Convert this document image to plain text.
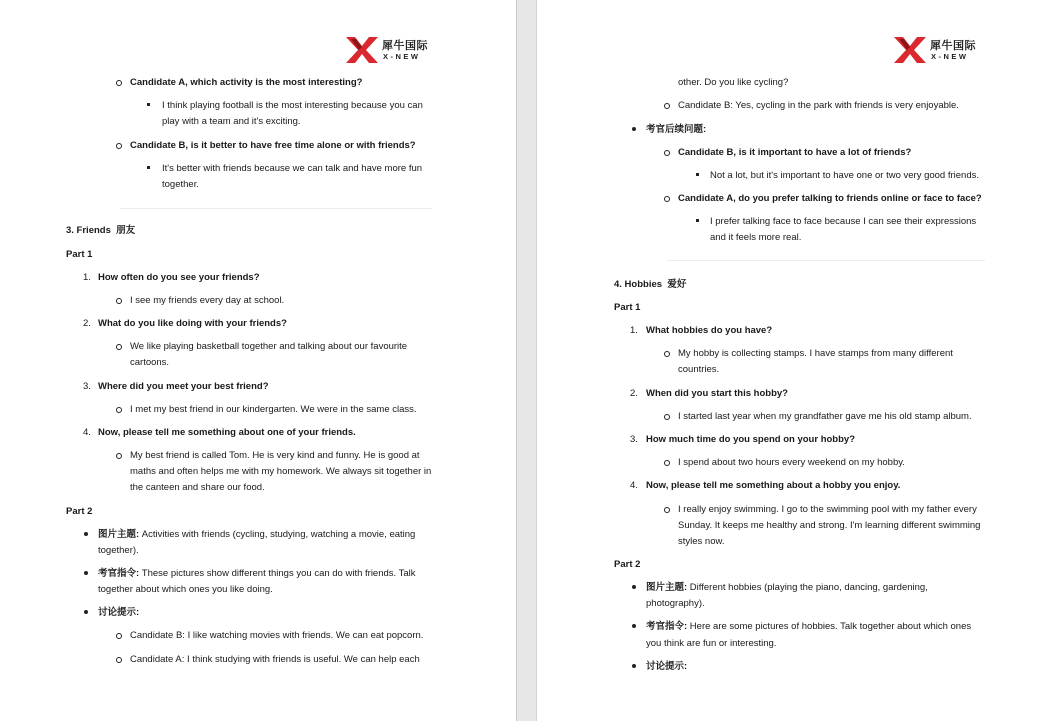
犀牛国际
X-NEW
Candidate A, which activity is the most interesting?
I think playing football is the most interesting because you can
play with a team and it's exciting.
Candidate B, is it better to have free time alone or with friends?
It's better with friends because we can talk and have more fun
together.
3. Friends 朋友
Part 1
1. How often do you see your friends?
I see my friends every day at school.
2. What do you like doing with your friends?
We like playing basketball together and talking about our favourite
cartoons.
3. Where did you meet your best friend?
I met my best friend in our kindergarten. We were in the same class.
4. Now, please tell me something about one of your friends.
My best friend is called Tom. He is very kind and funny. He is good at
maths and often helps me with my homework. We always sit together in
the canteen and share our food.
Part 2
图片主题: Activities with friends (cycling, studying, watching a movie, eating
together).
考官指令: These pictures show different things you can do with friends. Talk
together about which ones you like doing.
讨论提示:
Candidate B: I like watching movies with friends. We can eat popcorn.
Candidate A: I think studying with friends is useful. We can help each
犀牛国际
X-NEW
other. Do you like cycling?
Candidate B: Yes, cycling in the park with friends is very enjoyable.
考官后续问题:
Candidate B, is it important to have a lot of friends?
Not a lot, but it's important to have one or two very good friends.
Candidate A, do you prefer talking to friends online or face to face?
I prefer talking face to face because I can see their expressions
and it feels more real.
4. Hobbies 爱好
Part 1
1. What hobbies do you have?
My hobby is collecting stamps. I have stamps from many different
countries.
2. When did you start this hobby?
I started last year when my grandfather gave me his old stamp album.
3. How much time do you spend on your hobby?
I spend about two hours every weekend on my hobby.
4. Now, please tell me something about a hobby you enjoy.
I really enjoy swimming. I go to the swimming pool with my father every
Sunday. It keeps me healthy and strong. I'm learning different swimming
styles now.
Part 2
图片主题: Different hobbies (playing the piano, dancing, gardening,
photography).
考官指令: Here are some pictures of hobbies. Talk together about which ones
you think are fun or interesting.
讨论提示:
